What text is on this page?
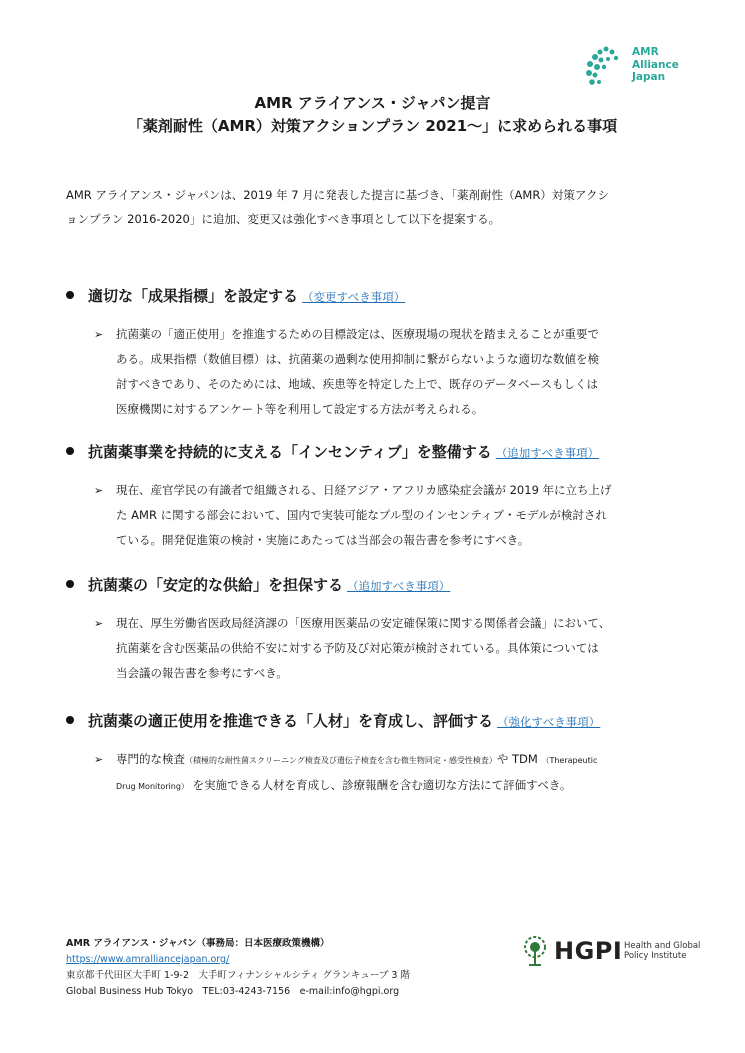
AMR
Alliance
Japan
AMR アライアンス・ジャパン提言
「薬剤耐性（AMR）対策アクションプラン 2021～」に求められる事項
AMR アライアンス・ジャパンは、2019 年 7 月に発表した提言に基づき、「薬剤耐性（AMR）対策アクシ
ョンプラン 2016-2020」に追加、変更又は強化すべき事項として以下を提案する。
適切な「成果指標」を設定する （変更すべき事項）
➢ 抗菌薬の「適正使用」を推進するための目標設定は、医療現場の現状を踏まえることが重要で
ある。成果指標（数値目標）は、抗菌薬の過剰な使用抑制に繋がらないような適切な数値を検
討すべきであり、そのためには、地域、疾患等を特定した上で、既存のデータベースもしくは
医療機関に対するアンケート等を利用して設定する方法が考えられる。
抗菌薬事業を持続的に支える「インセンティブ」を整備する （追加すべき事項）
➢ 現在、産官学民の有識者で組織される、日経アジア・アフリカ感染症会議が 2019 年に立ち上げ
た AMR に関する部会において、国内で実装可能なプル型のインセンティブ・モデルが検討され
ている。開発促進策の検討・実施にあたっては当部会の報告書を参考にすべき。
抗菌薬の「安定的な供給」を担保する （追加すべき事項）
➢ 現在、厚生労働省医政局経済課の「医療用医薬品の安定確保策に関する関係者会議」において、
抗菌薬を含む医薬品の供給不安に対する予防及び対応策が検討されている。具体策については
当会議の報告書を参考にすべき。
抗菌薬の適正使用を推進できる「人材」を育成し、評価する （強化すべき事項）
➢ 専門的な検査（積極的な耐性菌スクリーニング検査及び遺伝子検査を含む微生物同定・感受性検査）や TDM （Therapeutic
Drug Monitoring） を実施できる人材を育成し、診療報酬を含む適切な方法にて評価すべき。
AMR アライアンス・ジャパン（事務局：日本医療政策機構）
https://www.amralliancejapan.org/
東京都千代田区大手町 1-9-2　大手町フィナンシャルシティ グランキューブ 3 階
Global Business Hub Tokyo　TEL:03-4243-7156　e-mail:info@hgpi.org
HGPI Health and Global
Policy Institute
